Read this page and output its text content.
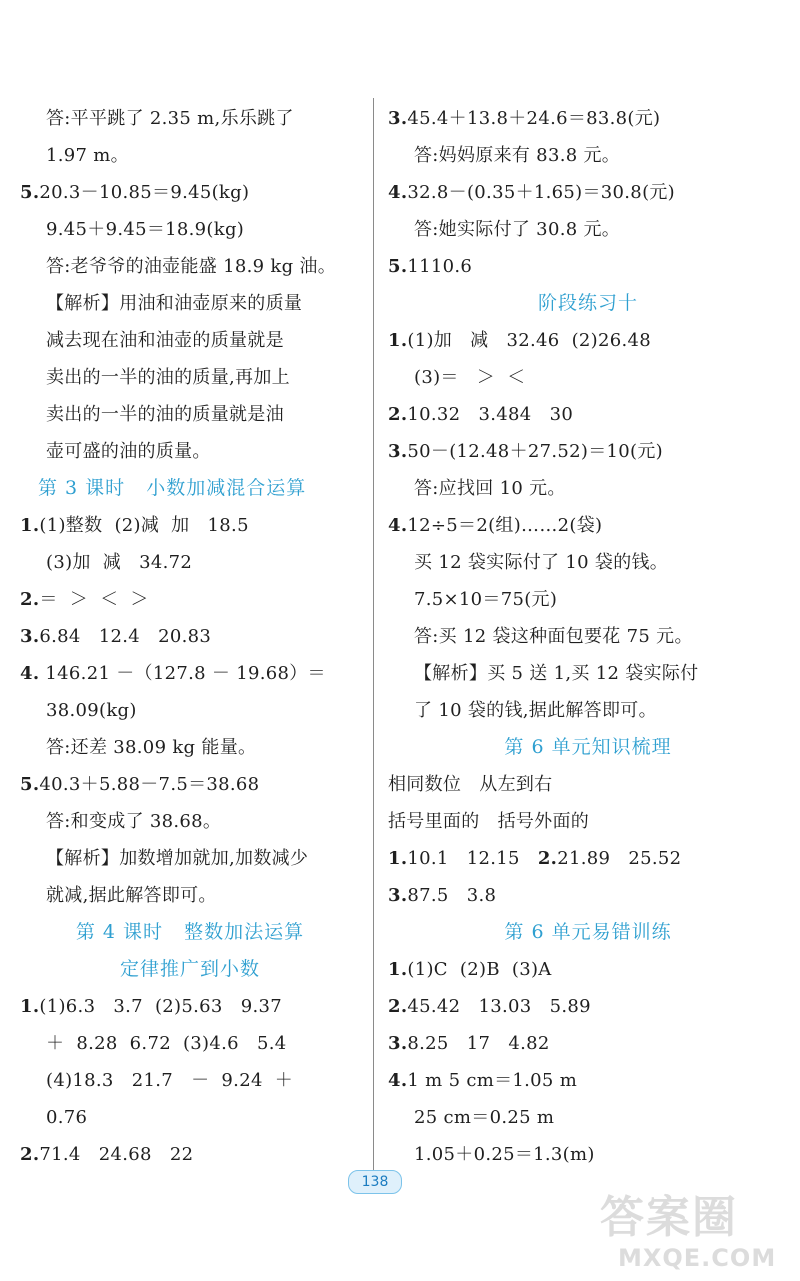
答:平平跳了 2.35 m,乐乐跳了
1.97 m。
5.20.3－10.85＝9.45(kg)
9.45＋9.45＝18.9(kg)
答:老爷爷的油壶能盛 18.9 kg 油。
【解析】用油和油壶原来的质量
减去现在油和油壶的质量就是
卖出的一半的油的质量,再加上
卖出的一半的油的质量就是油
壶可盛的油的质量。
第 3 课时   小数加减混合运算
1.(1)整数  (2)减  加   18.5
(3)加  减   34.72
2.＝  ＞  ＜  ＞
3.6.84   12.4   20.83
4. 146.21 －（127.8 － 19.68）＝
38.09(kg)
答:还差 38.09 kg 能量。
5.40.3＋5.88－7.5＝38.68
答:和变成了 38.68。
【解析】加数增加就加,加数减少
就减,据此解答即可。
第 4 课时   整数加法运算
定律推广到小数
1.(1)6.3   3.7  (2)5.63   9.37
＋  8.28  6.72  (3)4.6   5.4
(4)18.3   21.7   －  9.24  ＋
0.76
2.71.4   24.68   22
3.45.4＋13.8＋24.6＝83.8(元)
答:妈妈原来有 83.8 元。
4.32.8－(0.35＋1.65)＝30.8(元)
答:她实际付了 30.8 元。
5.1110.6
阶段练习十
1.(1)加   减   32.46  (2)26.48
(3)＝   ＞  ＜
2.10.32   3.484   30
3.50－(12.48＋27.52)＝10(元)
答:应找回 10 元。
4.12÷5＝2(组)……2(袋)
买 12 袋实际付了 10 袋的钱。
7.5×10＝75(元)
答:买 12 袋这种面包要花 75 元。
【解析】买 5 送 1,买 12 袋实际付
了 10 袋的钱,据此解答即可。
第 6 单元知识梳理
相同数位   从左到右
括号里面的   括号外面的
1.10.1   12.15   2.21.89   25.52
3.87.5   3.8
第 6 单元易错训练
1.(1)C  (2)B  (3)A
2.45.42   13.03   5.89
3.8.25   17   4.82
4.1 m 5 cm＝1.05 m
25 cm＝0.25 m
1.05＋0.25＝1.3(m)
138
答案圈
MXQE.COM
